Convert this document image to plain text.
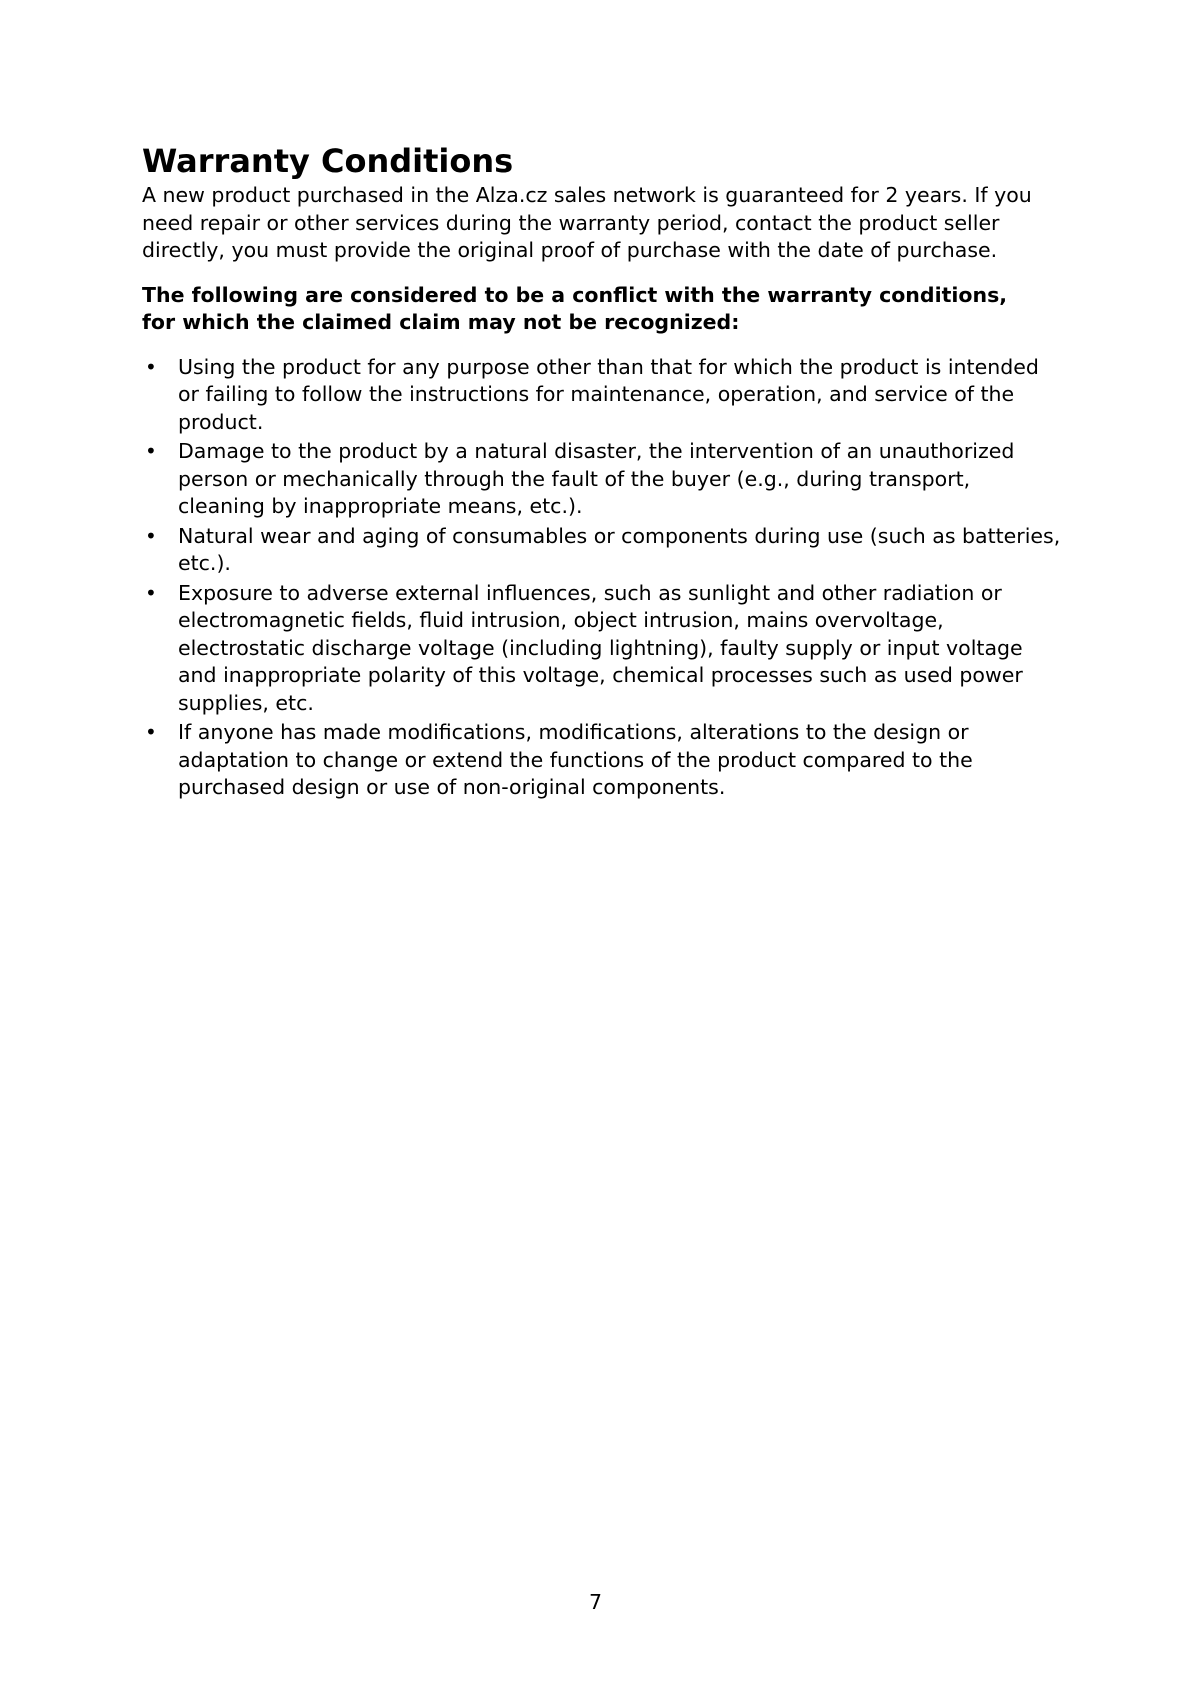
Warranty Conditions

A new product purchased in the Alza.cz sales network is guaranteed for 2 years. If you need repair or other services during the warranty period, contact the product seller directly, you must provide the original proof of purchase with the date of purchase.

The following are considered to be a conflict with the warranty conditions, for which the claimed claim may not be recognized:

• Using the product for any purpose other than that for which the product is intended or failing to follow the instructions for maintenance, operation, and service of the product.
• Damage to the product by a natural disaster, the intervention of an unauthorized person or mechanically through the fault of the buyer (e.g., during transport, cleaning by inappropriate means, etc.).
• Natural wear and aging of consumables or components during use (such as batteries, etc.).
• Exposure to adverse external influences, such as sunlight and other radiation or electromagnetic fields, fluid intrusion, object intrusion, mains overvoltage, electrostatic discharge voltage (including lightning), faulty supply or input voltage and inappropriate polarity of this voltage, chemical processes such as used power supplies, etc.
• If anyone has made modifications, modifications, alterations to the design or adaptation to change or extend the functions of the product compared to the purchased design or use of non-original components.
7
